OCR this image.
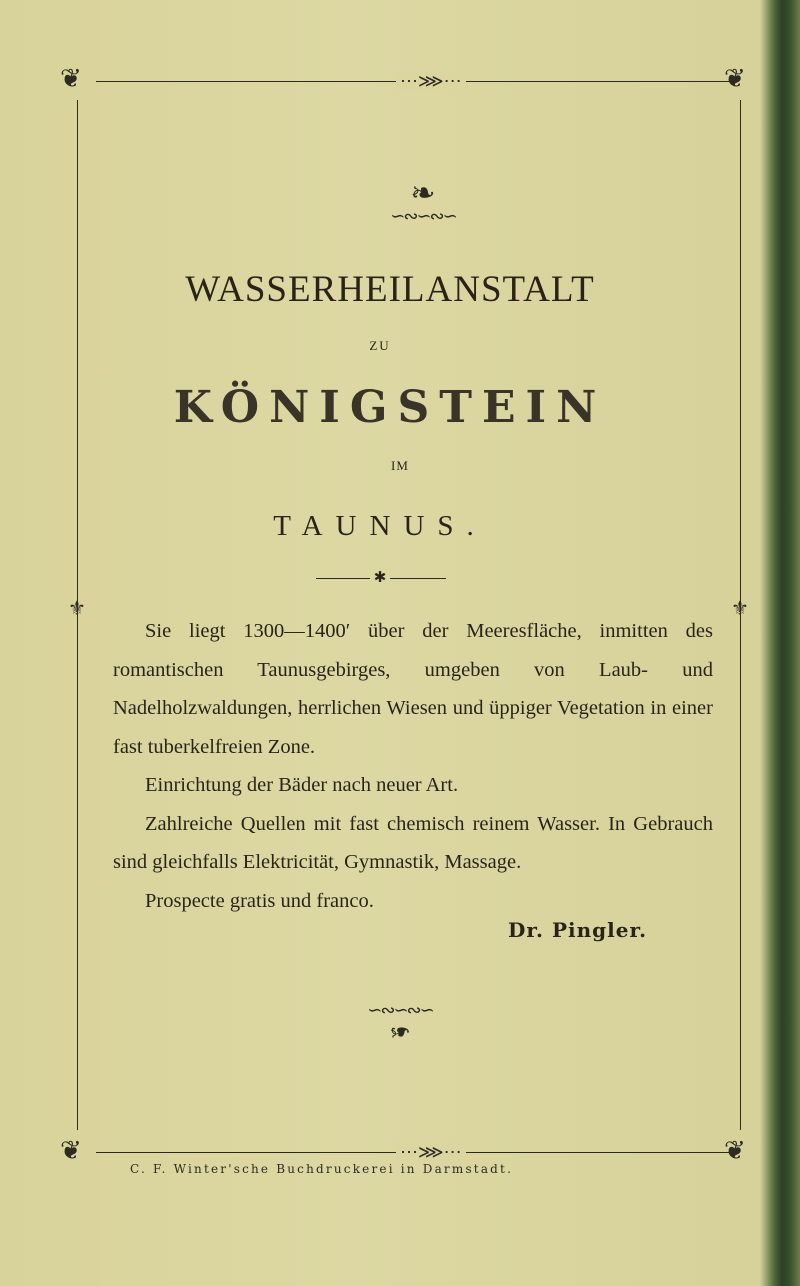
❦	❦
❦	❦
⚜	⚜
⋯⋙⋯
⋯⋙⋯
❧
∽∾∽∾∽
WASSERHEILANSTALT
ZU
KÖNIGSTEIN
IM
TAUNUS.
✱

Sie liegt 1300—1400′ über der Meeresfläche, inmitten des romantischen Taunusgebirges, umgeben von Laub- und Nadelholzwaldungen, herrlichen Wiesen und üppiger Vegetation in einer fast tuberkelfreien Zone.

Einrichtung der Bäder nach neuer Art.

Zahlreiche Quellen mit fast chemisch reinem Wasser. In Gebrauch sind gleichfalls Elektricität, Gymnastik, Massage.

Prospecte gratis und franco.

Dr. Pingler.
∽∾∽∾∽
❧
C. F. Winter'sche Buchdruckerei in Darmstadt.
